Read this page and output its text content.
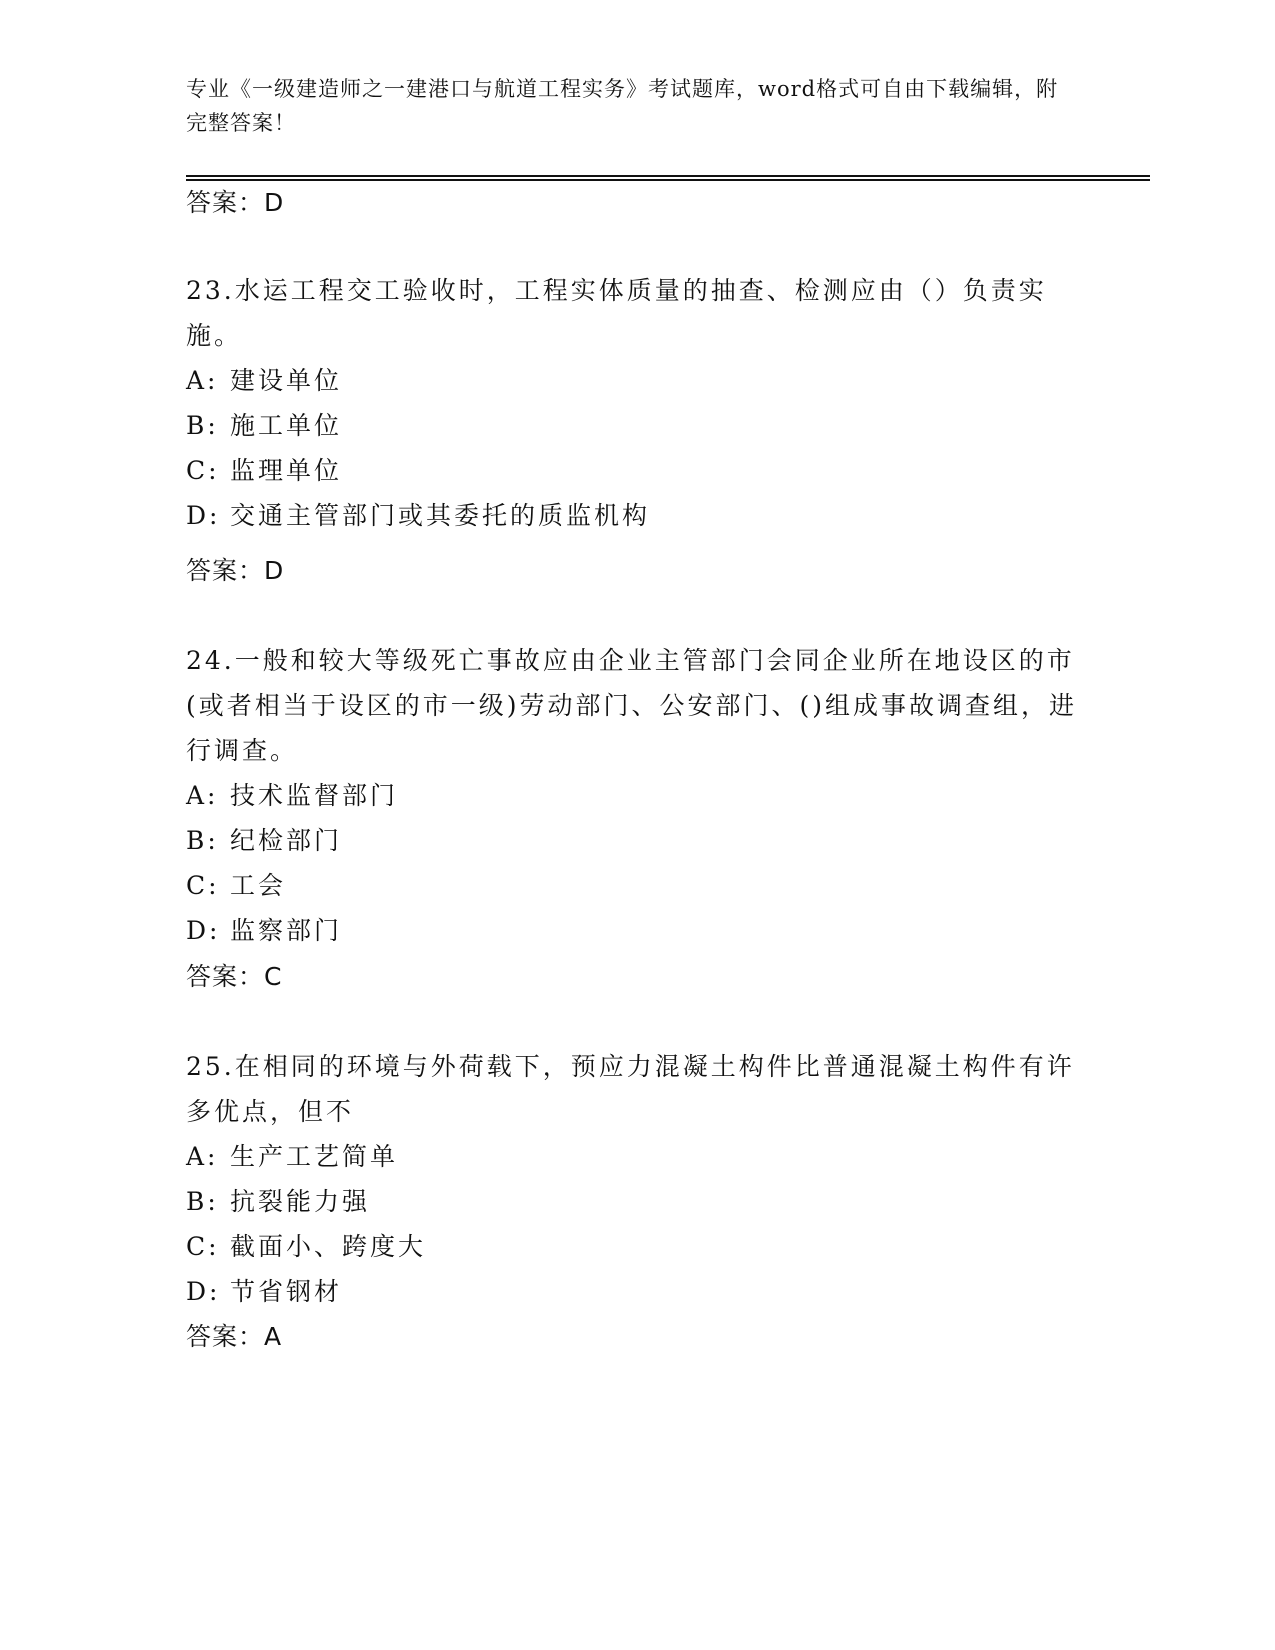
专业《一级建造师之一建港口与航道工程实务》考试题库，word格式可自由下载编辑，附完整答案！
答案：D

23.水运工程交工验收时，工程实体质量的抽查、检测应由（）负责实施。

A: 建设单位

B: 施工单位

C: 监理单位

D: 交通主管部门或其委托的质监机构

答案：D

24.一般和较大等级死亡事故应由企业主管部门会同企业所在地设区的市(或者相当于设区的市一级)劳动部门、公安部门、()组成事故调查组，进行调查。

A: 技术监督部门

B: 纪检部门

C: 工会

D: 监察部门

答案：C

25.在相同的环境与外荷载下，预应力混凝土构件比普通混凝土构件有许多优点，但不

A: 生产工艺简单

B: 抗裂能力强

C: 截面小、跨度大

D: 节省钢材

答案：A
